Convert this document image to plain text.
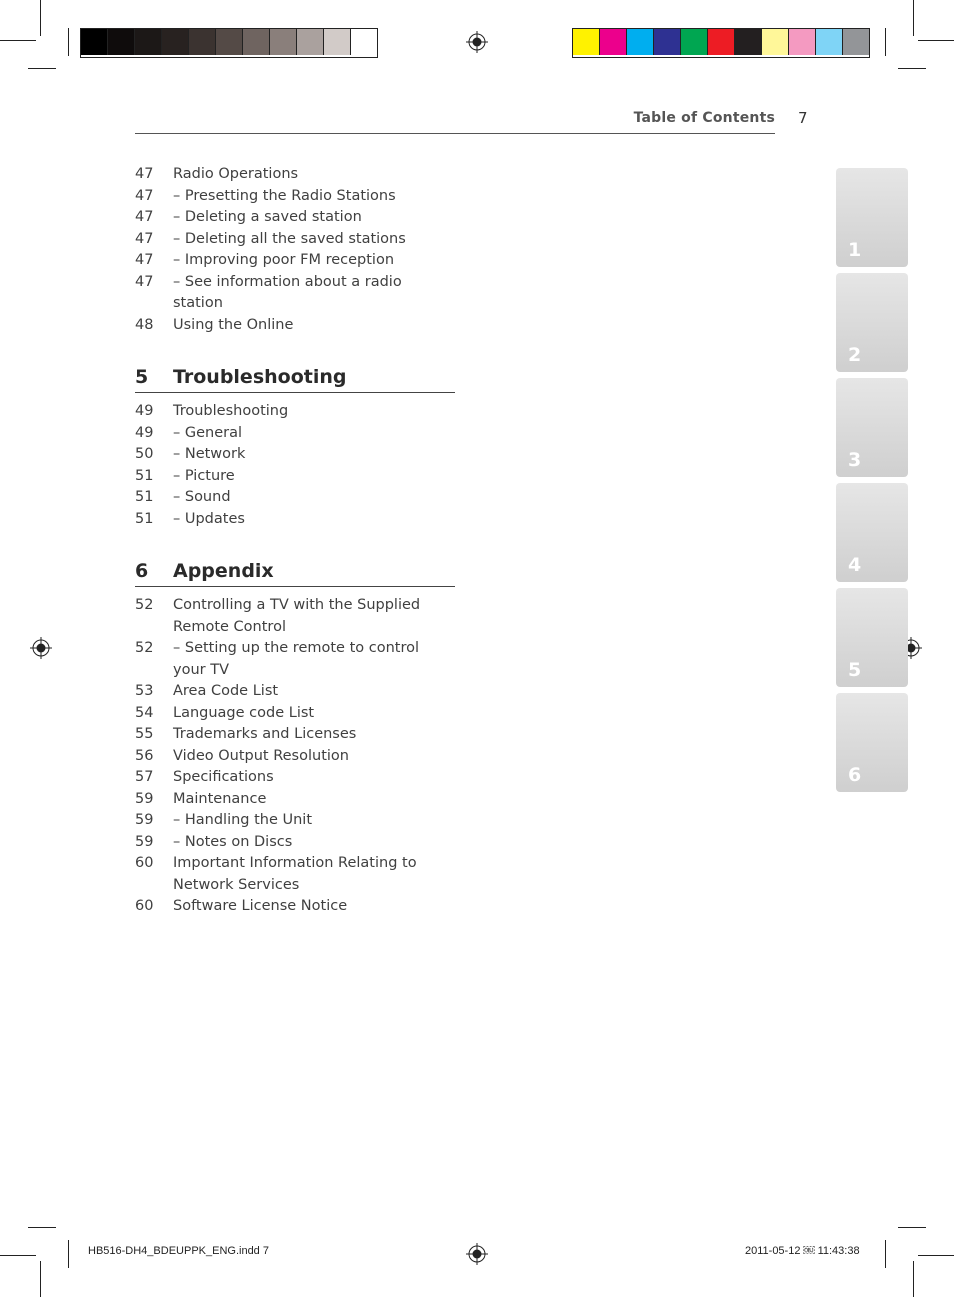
Table of Contents 7
47	Radio Operations
47	– Presetting the Radio Stations
47	– Deleting a saved station
47	– Deleting all the saved stations
47	– Improving poor FM reception
47	– See information about a radio station
48	Using the Online
5	Troubleshooting
49	Troubleshooting
49	– General
50	– Network
51	– Picture
51	– Sound
51	– Updates
6	Appendix
52	Controlling a TV with the Supplied Remote Control
52	– Setting up the remote to control your TV
53	Area Code List
54	Language code List
55	Trademarks and Licenses
56	Video Output Resolution
57	Specifications
59	Maintenance
59	– Handling the Unit
59	– Notes on Discs
60	Important Information Relating to Network Services
60	Software License Notice
1
2
3
4
5
6
HB516-DH4_BDEUPPK_ENG.indd 7	2011-05-12 ￼ 11:43:38
